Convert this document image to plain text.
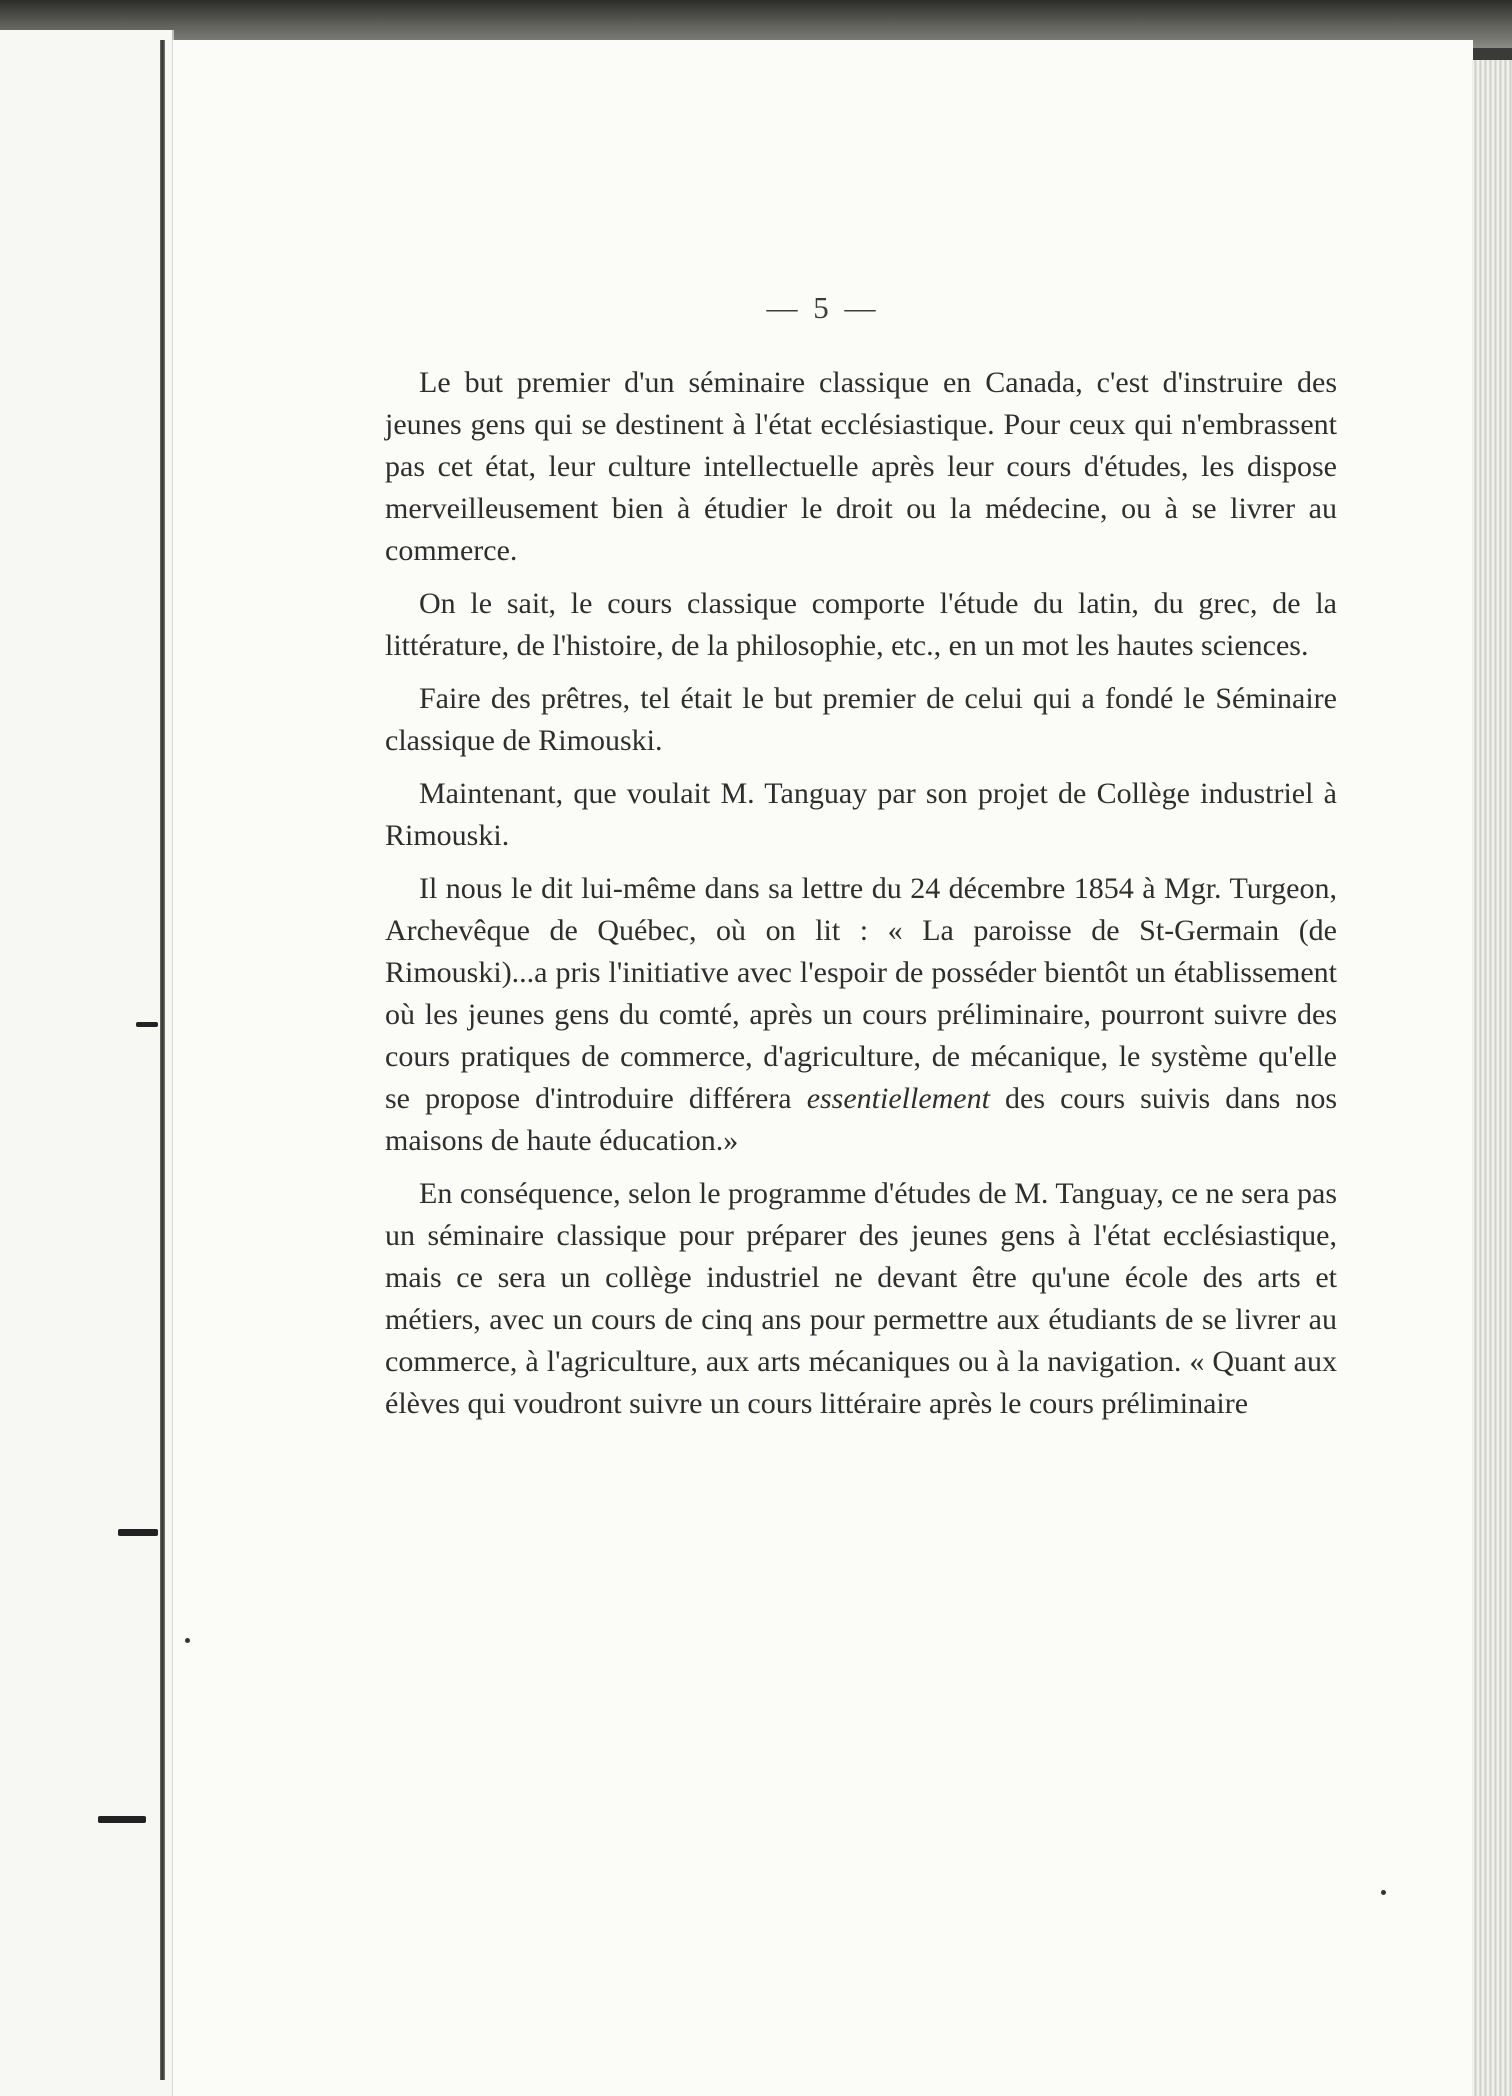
— 5 —

Le but premier d'un séminaire classique en Canada, c'est d'instruire des jeunes gens qui se destinent à l'état ecclésiastique. Pour ceux qui n'embrassent pas cet état, leur culture intellectuelle après leur cours d'études, les dispose merveilleusement bien à étudier le droit ou la médecine, ou à se livrer au commerce.

On le sait, le cours classique comporte l'étude du latin, du grec, de la littérature, de l'histoire, de la philosophie, etc., en un mot les hautes sciences.

Faire des prêtres, tel était le but premier de celui qui a fondé le Séminaire classique de Rimouski.

Maintenant, que voulait M. Tanguay par son projet de Collège industriel à Rimouski.

Il nous le dit lui-même dans sa lettre du 24 décembre 1854 à Mgr. Turgeon, Archevêque de Québec, où on lit : « La paroisse de St-Germain (de Rimouski)...a pris l'initiative avec l'espoir de posséder bientôt un établissement où les jeunes gens du comté, après un cours préliminaire, pourront suivre des cours pratiques de commerce, d'agriculture, de mécanique, le système qu'elle se propose d'introduire différera essentiellement des cours suivis dans nos maisons de haute éducation.»

En conséquence, selon le programme d'études de M. Tanguay, ce ne sera pas un séminaire classique pour préparer des jeunes gens à l'état ecclésiastique, mais ce sera un collège industriel ne devant être qu'une école des arts et métiers, avec un cours de cinq ans pour permettre aux étudiants de se livrer au commerce, à l'agriculture, aux arts mécaniques ou à la navigation. « Quant aux élèves qui voudront suivre un cours littéraire après le cours préliminaire
